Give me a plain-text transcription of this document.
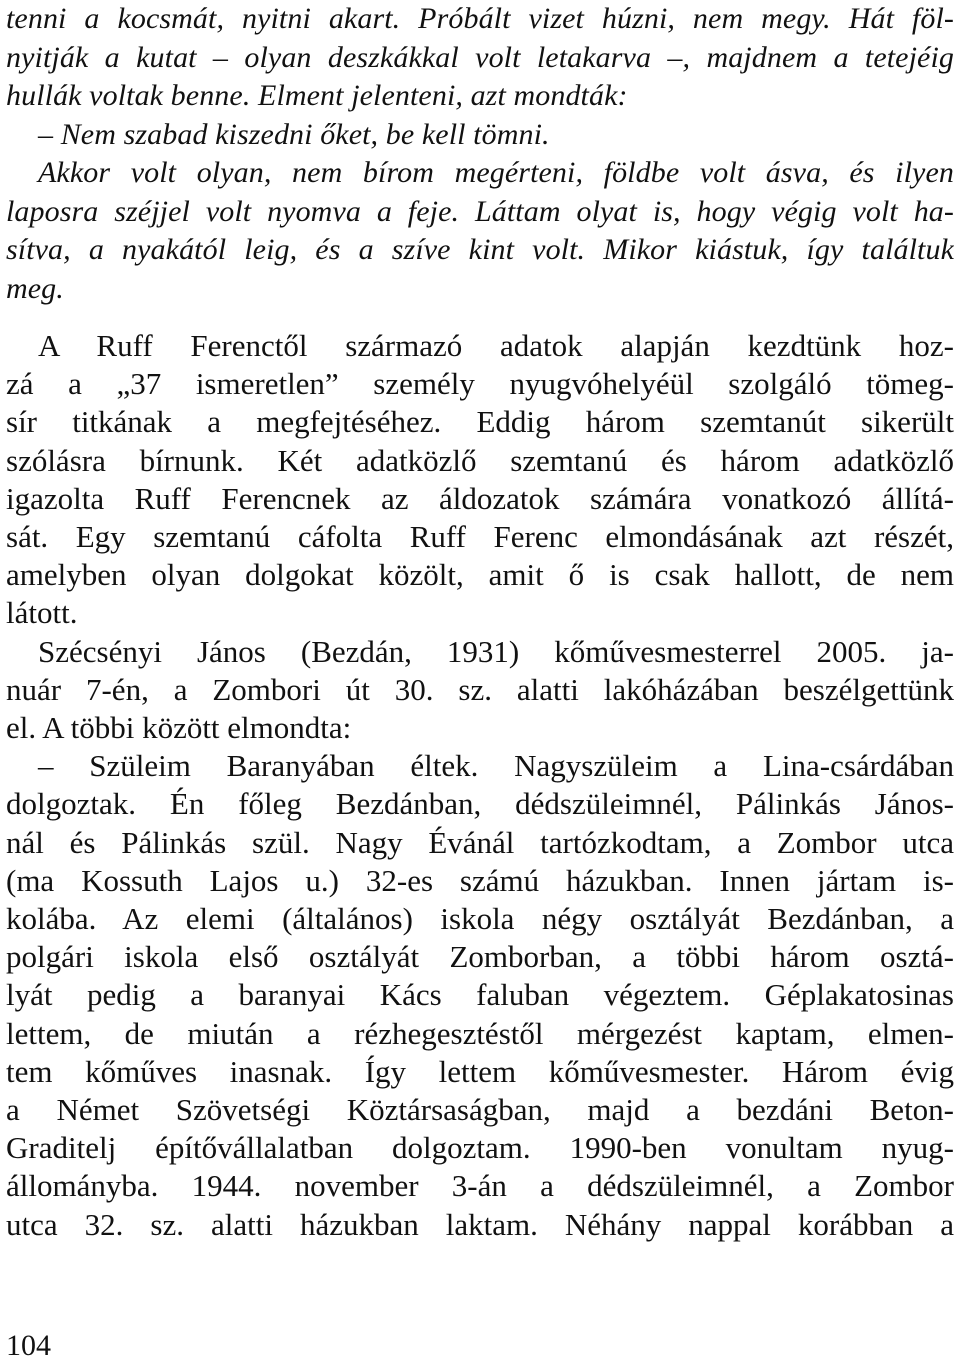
tenni a kocsmát, nyitni akart. Próbált vizet húzni, nem megy. Hát föl-
nyitják a kutat – olyan deszkákkal volt letakarva –, majdnem a tetejéig
hullák voltak benne. Elment jelenteni, azt mondták:
– Nem szabad kiszedni őket, be kell tömni.
Akkor volt olyan, nem bírom megérteni, földbe volt ásva, és ilyen
laposra széjjel volt nyomva a feje. Láttam olyat is, hogy végig volt ha-
sítva, a nyakától leig, és a szíve kint volt. Mikor kiástuk, így találtuk
meg.
A Ruff Ferenctől származó adatok alapján kezdtünk hoz-
zá a „37 ismeretlen” személy nyugvóhelyéül szolgáló tömeg-
sír titkának a megfejtéséhez. Eddig három szemtanút sikerült
szólásra bírnunk. Két adatközlő szemtanú és három adatközlő
igazolta Ruff Ferencnek az áldozatok számára vonatkozó állítá-
sát. Egy szemtanú cáfolta Ruff Ferenc elmondásának azt részét,
amelyben olyan dolgokat közölt, amit ő is csak hallott, de nem
látott.
Szécsényi János (Bezdán, 1931) kőművesmesterrel 2005. ja-
nuár 7-én, a Zombori út 30. sz. alatti lakóházában beszélgettünk
el. A többi között elmondta:
– Szüleim Baranyában éltek. Nagyszüleim a Lina-csárdában
dolgoztak. Én főleg Bezdánban, dédszüleimnél, Pálinkás János-
nál és Pálinkás szül. Nagy Évánál tartózkodtam, a Zombor utca
(ma Kossuth Lajos u.) 32-es számú házukban. Innen jártam is-
kolába. Az elemi (általános) iskola négy osztályát Bezdánban, a
polgári iskola első osztályát Zomborban, a többi három osztá-
lyát pedig a baranyai Kács faluban végeztem. Géplakatosinas
lettem, de miután a rézhegesztéstől mérgezést kaptam, elmen-
tem kőműves inasnak. Így lettem kőművesmester. Három évig
a Német Szövetségi Köztársaságban, majd a bezdáni Beton-
Graditelj építővállalatban dolgoztam. 1990-ben vonultam nyug-
állományba. 1944. november 3-án a dédszüleimnél, a Zombor
utca 32. sz. alatti házukban laktam. Néhány nappal korábban a
104
